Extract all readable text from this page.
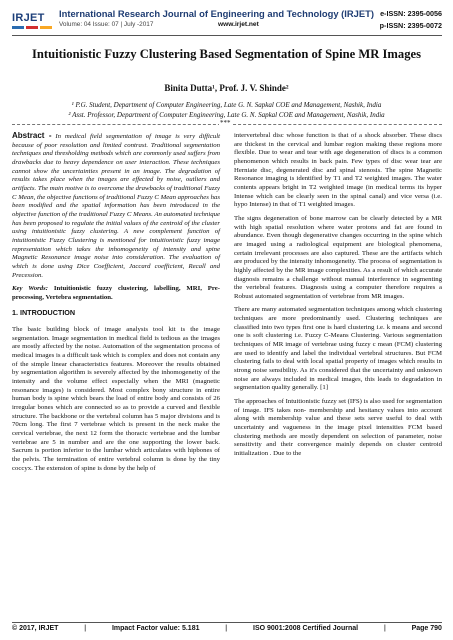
IRJET International Research Journal of Engineering and Technology (IRJET) e-ISSN: 2395-0056
Volume: 04 Issue: 07 | July -2017	www.irjet.net	p-ISSN: 2395-0072
Intuitionistic Fuzzy Clustering Based Segmentation of Spine MR Images
Binita Dutta¹, Prof. J. V. Shinde²
¹ P.G. Student, Department of Computer Engineering, Late G. N. Sapkal COE and Management, Nashik, India
² Asst. Professor, Department of Computer Engineering, Late G. N. Sapkal COE and Management, Nashik, India
***

Abstract - In medical field segmentation of image is very difficult because of poor resolution and limited contrast. Traditional segmentation techniques and thresholding methods which are commonly used suffers from drawbacks due to heavy dependence on user interaction. These techniques cannot show the uncertainties present in an image. The degradation of results takes place when the images are effected by noise, outliers and artifacts. The main motive is to overcome the drawbacks of traditional Fuzzy C Mean, the objective functions of traditional Fuzzy C Mean approaches has been modified and the spatial information has been introduced in the objective function of the traditional Fuzzy C Means. An automated technique has been proposed to regulate the initial values of the centroid of the cluster using intuitionistic fuzzy clustering. A new complement function of intuitionistic Fuzzy Clustering is mentioned for intuitionistic fuzzy image representation which takes the inhomogeneity of intensity and spine Magnetic Resonance image noise into consideration. The evaluation of which is done using Dice Coefficient, Jaccard coefficient, Recall and Precession.

Key Words: Intuitionistic fuzzy clustering, labelling, MRI, Pre-processing, Vertebra segmentation.

1. INTRODUCTION

The basic building block of image analysis tool kit is the image segmentation. Image segmentation in medical field is tedious as the images are mostly affected by the noise. Automation of the segmentation process of medical images is a difficult task which is complex and does not contain any of the simple linear characteristics features. Moreover the results obtained by segmentation algorithm is severely affected by the inhomogeneity of the intensity and the volume effect especially when the MRI (magnetic resonance images) is considered. Most complex bony structure in entire human body is spine which bears the load of entire body and consists of 26 irregular bones which are connected so as to provide a curved and flexible structure. The backbone or the vertebral column has 5 major divisions and is 70cm long. The first 7 vertebrae which is present in the neck make the cervical vertebrae, the next 12 form the thoracic vertebrae and the lumbar vertebrae are 5 in number and are the one supporting the lower back. Sacrum is portion inferior to the lumbar which articulates with hipbones of the pelvis. The termination of entire vertebral column is done by the tiny coccyx. The extension of spine is done by the help of

intervertebral disc whose function is that of a shock absorber. These discs are thickest in the cervical and lumbar region making these regions more flexible. Due to wear and tear with age degeneration of discs is a common phenomenon which results in back pain. Few types of disc wear tear are Herniate disc, degenerated disc and spinal stenosis. The spine Magnetic Resonance imaging is identified by T1 and T2 weighted images. The water contents appears bright in T2 weighted image (in medical terms its hyper Intense which can be clearly seen in the spinal canal) and vice versa (i.e. hypo Intense) in that of T1 weighted images.

The signs degeneration of bone marrow can be clearly detected by a MR with high spatial resolution where water protons and fat are found in abundance. Even though degenerative changes occurring in the spine which are imaged using a radiological equipment are biological phenomena, certain irrelevant processes are also captured. These are the artifacts which are produced by the intensity inhomogeneity. The process of segmentation is highly affected by the MR image complexities. As a result of which accurate diagnosis remains a challenge without manual interference in segmenting the vertebral features. Diagnosis using a computer therefore requires a Robust automated segmentation of vertebrae from MR images.

There are many automated segmentation techniques among which clustering techniques are more predominantly used. Clustering techniques are classified into two types first one is hard clustering i.e. k means and second one is soft clustering i.e. Fuzzy C-Means Clustering. Various segmentation techniques of MR image of vertebrae using fuzzy c mean (FCM) clustering are used to identify and label the individual vertebral structures. But FCM clustering fails to deal with local spatial property of images which results in strong noise sensibility. As it's considered that the uncertainty and unknown noise are always included in medical images, this leads to degradation in segmentation quality generally. [1]

The approaches of Intuitionistic fuzzy set (IFS) is also used for segmentation of image. IFS takes non- membership and hesitancy values into account along with membership value and these sets serve useful to deal with uncertainty and vagueness in the image pixel intensities FCM based clustering methods are mostly dependent on selection of parameter, noise sensitivity and their convergence mainly depends on cluster centroid initialization . Due to the

© 2017, IRJET	|	Impact Factor value: 5.181	|	ISO 9001:2008 Certified Journal	|	Page 790
